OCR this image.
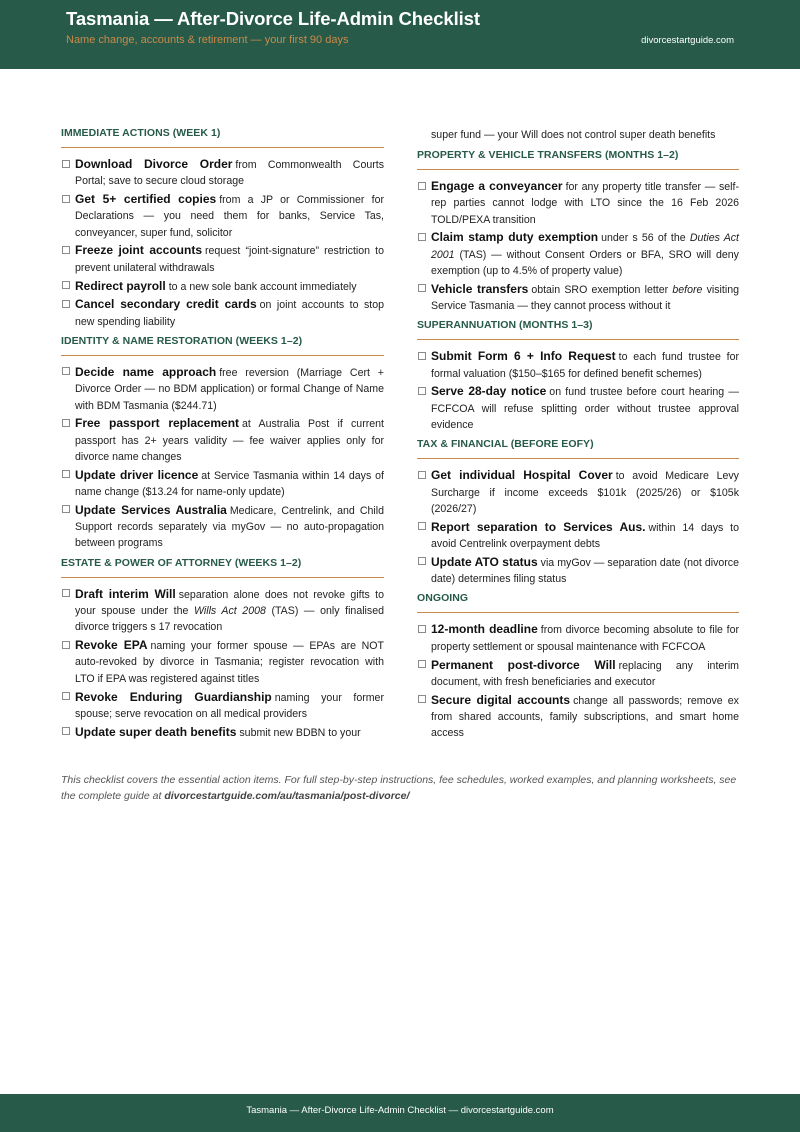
Tasmania — After-Divorce Life-Admin Checklist
Name change, accounts & retirement — your first 90 days	divorcestartguide.com
IMMEDIATE ACTIONS (WEEK 1)
Download Divorce Order from Commonwealth Courts Portal; save to secure cloud storage
Get 5+ certified copies from a JP or Commissioner for Declarations — you need them for banks, Service Tas, conveyancer, super fund, solicitor
Freeze joint accounts request “joint-signature” restriction to prevent unilateral withdrawals
Redirect payroll to a new sole bank account immediately
Cancel secondary credit cards on joint accounts to stop new spending liability
IDENTITY & NAME RESTORATION (WEEKS 1–2)
Decide name approach free reversion (Marriage Cert + Divorce Order — no BDM application) or formal Change of Name with BDM Tasmania ($244.71)
Free passport replacement at Australia Post if current passport has 2+ years validity — fee waiver applies only for divorce name changes
Update driver licence at Service Tasmania within 14 days of name change ($13.24 for name-only update)
Update Services Australia Medicare, Centrelink, and Child Support records separately via myGov — no auto-propagation between programs
ESTATE & POWER OF ATTORNEY (WEEKS 1–2)
Draft interim Will separation alone does not revoke gifts to your spouse under the Wills Act 2008 (TAS) — only finalised divorce triggers s 17 revocation
Revoke EPA naming your former spouse — EPAs are NOT auto-revoked by divorce in Tasmania; register revocation with LTO if EPA was registered against titles
Revoke Enduring Guardianship naming your former spouse; serve revocation on all medical providers
Update super death benefits submit new BDBN to your
super fund — your Will does not control super death benefits
PROPERTY & VEHICLE TRANSFERS (MONTHS 1–2)
Engage a conveyancer for any property title transfer — self-rep parties cannot lodge with LTO since the 16 Feb 2026 TOLD/PEXA transition
Claim stamp duty exemption under s 56 of the Duties Act 2001 (TAS) — without Consent Orders or BFA, SRO will deny exemption (up to 4.5% of property value)
Vehicle transfers obtain SRO exemption letter before visiting Service Tasmania — they cannot process without it
SUPERANNUATION (MONTHS 1–3)
Submit Form 6 + Info Request to each fund trustee for formal valuation ($150–$165 for defined benefit schemes)
Serve 28-day notice on fund trustee before court hearing — FCFCOA will refuse splitting order without trustee approval evidence
TAX & FINANCIAL (BEFORE EOFY)
Get individual Hospital Cover to avoid Medicare Levy Surcharge if income exceeds $101k (2025/26) or $105k (2026/27)
Report separation to Services Aus. within 14 days to avoid Centrelink overpayment debts
Update ATO status via myGov — separation date (not divorce date) determines filing status
ONGOING
12-month deadline from divorce becoming absolute to file for property settlement or spousal maintenance with FCFCOA
Permanent post-divorce Will replacing any interim document, with fresh beneficiaries and executor
Secure digital accounts change all passwords; remove ex from shared accounts, family subscriptions, and smart home access
This checklist covers the essential action items. For full step-by-step instructions, fee schedules, worked examples, and planning worksheets, see the complete guide at divorcestartguide.com/au/tasmania/post-divorce/
Tasmania — After-Divorce Life-Admin Checklist — divorcestartguide.com
